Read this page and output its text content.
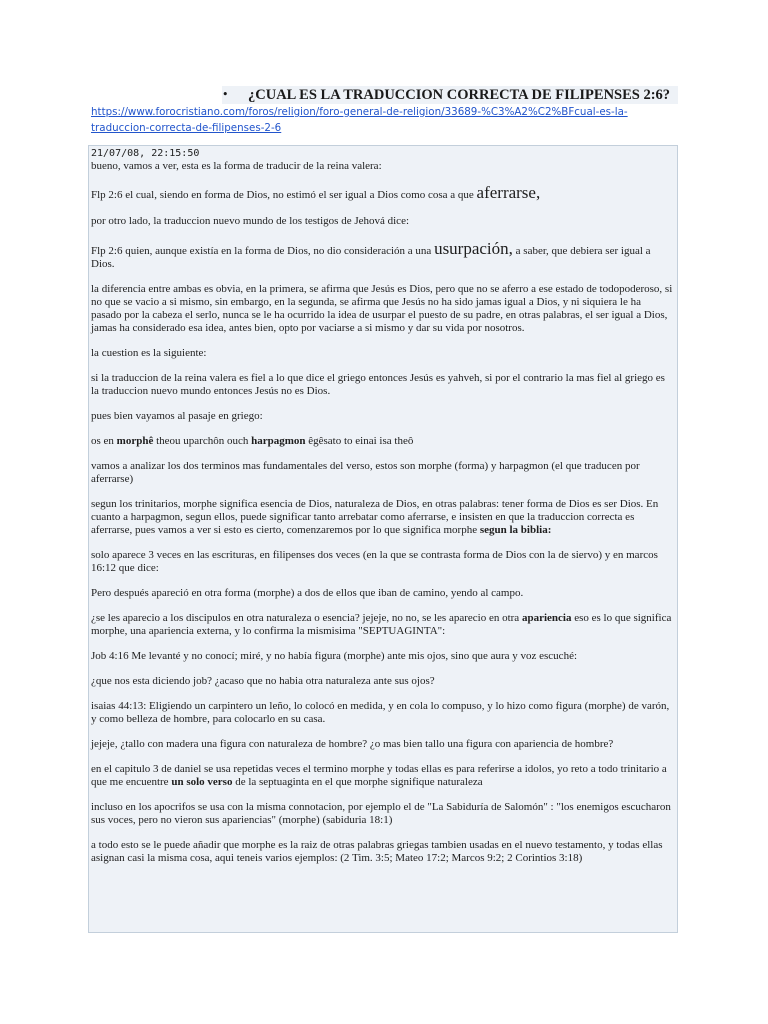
• ¿CUAL ES LA TRADUCCION CORRECTA DE FILIPENSES 2:6?
https://www.forocristiano.com/foros/religion/foro-general-de-religion/33689-%C3%A2%C2%BFcual-es-la-traduccion-correcta-de-filipenses-2-6

21/07/08, 22:15:50

bueno, vamos a ver, esta es la forma de traducir de la reina valera:

Flp 2:6 el cual, siendo en forma de Dios, no estimó el ser igual a Dios como cosa a que aferrarse,

por otro lado, la traduccion nuevo mundo de los testigos de Jehová dice:

Flp 2:6 quien, aunque existía en la forma de Dios, no dio consideración a una usurpación, a saber, que debiera ser igual a Dios.

la diferencia entre ambas es obvia, en la primera, se afirma que Jesús es Dios, pero que no se aferro a ese estado de todopoderoso, si no que se vacio a si mismo, sin embargo, en la segunda, se afirma que Jesús no ha sido jamas igual a Dios, y ni siquiera le ha pasado por la cabeza el serlo, nunca se le ha ocurrido la idea de usurpar el puesto de su padre, en otras palabras, el ser igual a Dios, jamas ha considerado esa idea, antes bien, opto por vaciarse a si mismo y dar su vida por nosotros.

la cuestion es la siguiente:

si la traduccion de la reina valera es fiel a lo que dice el griego entonces Jesús es yahveh, si por el contrario la mas fiel al griego es la traduccion nuevo mundo entonces Jesús no es Dios.

pues bien vayamos al pasaje en griego:

os en morphê theou uparchôn ouch harpagmon êgêsato to einai isa theô

vamos a analizar los dos terminos mas fundamentales del verso, estos son morphe (forma) y harpagmon (el que traducen por aferrarse)

segun los trinitarios, morphe significa esencia de Dios, naturaleza de Dios, en otras palabras: tener forma de Dios es ser Dios. En cuanto a harpagmon, segun ellos, puede significar tanto arrebatar como aferrarse, e insisten en que la traduccion correcta es aferrarse, pues vamos a ver si esto es cierto, comenzaremos por lo que significa morphe segun la biblia:

solo aparece 3 veces en las escrituras, en filipenses dos veces (en la que se contrasta forma de Dios con la de siervo) y en marcos 16:12 que dice:

Pero después apareció en otra forma (morphe) a dos de ellos que iban de camino, yendo al campo.

¿se les aparecio a los discipulos en otra naturaleza o esencia? jejeje, no no, se les aparecio en otra apariencia eso es lo que significa morphe, una apariencia externa, y lo confirma la mismisima "SEPTUAGINTA":

Job 4:16 Me levanté y no conocí; miré, y no había figura (morphe) ante mis ojos, sino que aura y voz escuché:

¿que nos esta diciendo job? ¿acaso que no habia otra naturaleza ante sus ojos?

isaias 44:13: Eligiendo un carpintero un leño, lo colocó en medida, y en cola lo compuso, y lo hizo como figura (morphe) de varón, y como belleza de hombre, para colocarlo en su casa.

jejeje, ¿tallo con madera una figura con naturaleza de hombre? ¿o mas bien tallo una figura con apariencia de hombre?

en el capitulo 3 de daniel se usa repetidas veces el termino morphe y todas ellas es para referirse a idolos, yo reto a todo trinitario a que me encuentre un solo verso de la septuaginta en el que morphe signifique naturaleza

incluso en los apocrifos se usa con la misma connotacion, por ejemplo el de "La Sabiduría de Salomón" : "los enemigos escucharon sus voces, pero no vieron sus apariencias" (morphe) (sabiduria 18:1)

a todo esto se le puede añadir que morphe es la raiz de otras palabras griegas tambien usadas en el nuevo testamento, y todas ellas asignan casi la misma cosa, aqui teneis varios ejemplos: (2 Tim. 3:5; Mateo 17:2; Marcos 9:2; 2 Corintios 3:18)
